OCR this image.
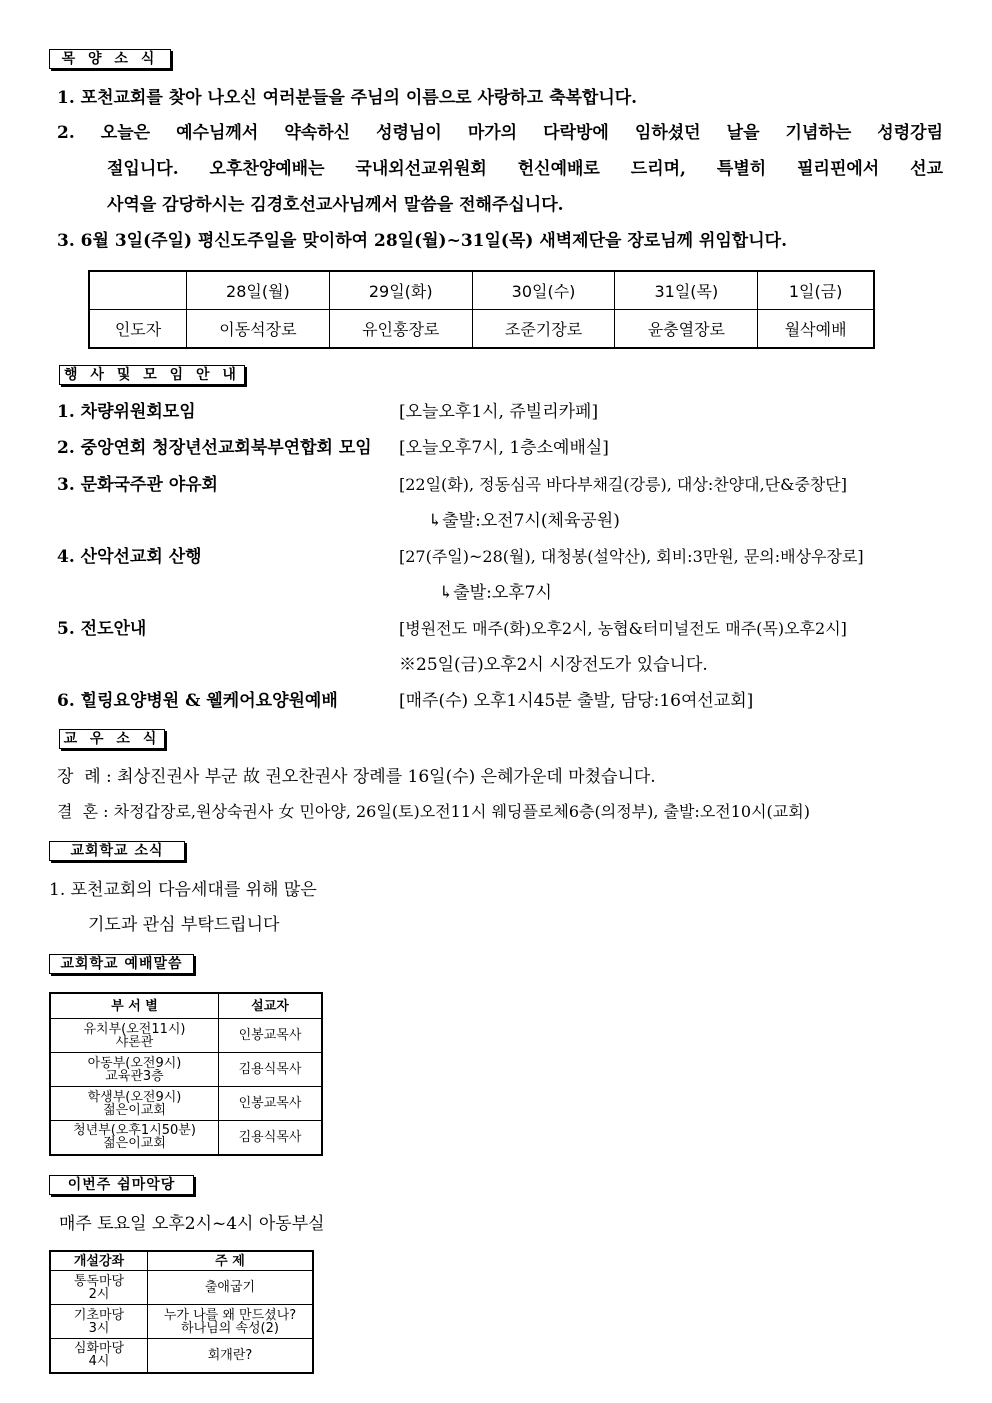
목 양 소 식
1. 포천교회를 찾아 나오신 여러분들을 주님의 이름으로 사랑하고 축복합니다.
2. 오늘은 예수님께서 약속하신 성령님이 마가의 다락방에 임하셨던 날을 기념하는 성령강림
절입니다. 오후찬양예배는 국내외선교위원회 헌신예배로 드리며, 특별히 필리핀에서 선교
사역을 감당하시는 김경호선교사님께서 말씀을 전해주십니다.
3. 6월 3일(주일) 평신도주일을 맞이하여 28일(월)~31일(목) 새벽제단을 장로님께 위임합니다.
	28일(월)	29일(화)	30일(수)	31일(목)	1일(금)
인도자	이동석장로	유인홍장로	조준기장로	윤충열장로	월삭예배
행 사 및 모 임 안 내
1. 차량위원회모임	[오늘오후1시, 쥬빌리카페]
2. 중앙연회 청장년선교회북부연합회 모임 [오늘오후7시, 1층소예배실]
3. 문화국주관 야유회	[22일(화), 정동심곡 바다부채길(강릉), 대상:찬양대,단&중창단]
↳출발:오전7시(체육공원)
4. 산악선교회 산행	[27(주일)~28(월), 대청봉(설악산), 회비:3만원, 문의:배상우장로]
↳출발:오후7시
5. 전도안내	[병원전도 매주(화)오후2시, 농협&터미널전도 매주(목)오후2시]
※25일(금)오후2시 시장전도가 있습니다.
6. 힐링요양병원 & 웰케어요양원예배	[매주(수) 오후1시45분 출발, 담당:16여선교회]
교 우 소 식
장  례 : 최상진권사 부군 故 권오찬권사 장례를 16일(수) 은혜가운데 마쳤습니다.
결  혼 : 차정갑장로,원상숙권사 女 민아양, 26일(토)오전11시 웨딩플로체6층(의정부), 출발:오전10시(교회)
교회학교 소식
1. 포천교회의 다음세대를 위해 많은
기도과 관심 부탁드립니다
교회학교 예배말씀
부 서 별	설교자
유치부(오전11시)
샤론관	인봉교목사
아동부(오전9시)
교육관3층	김용식목사
학생부(오전9시)
젊은이교회	인봉교목사
청년부(오후1시50분)
젊은이교회	김용식목사
이번주 쉼마악당
매주 토요일 오후2시~4시 아동부실
개설강좌	주 제
통독마당
2시	출애굽기
기초마당
3시	누가 나를 왜 만드셨나?
하나님의 속성(2)

심화마당
4시	회개란?
